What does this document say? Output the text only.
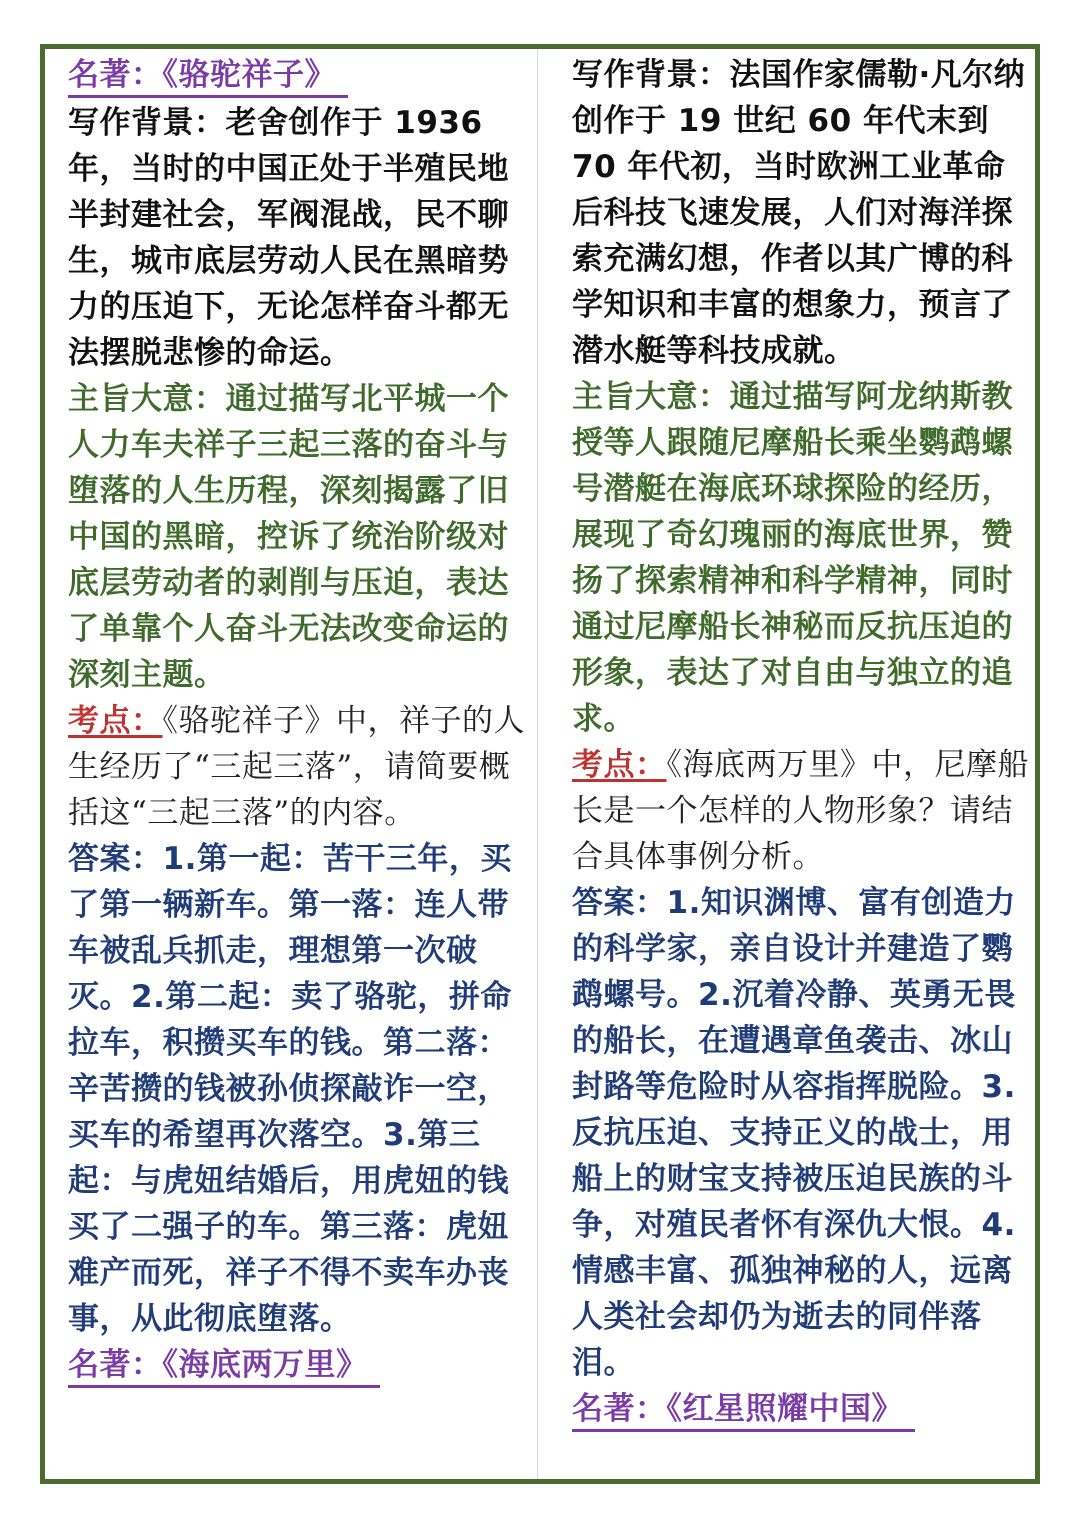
名著：《骆驼祥子》

写作背景：老舍创作于 1936 年，当时的中国正处于半殖民地半封建社会，军阀混战，民不聊生，城市底层劳动人民在黑暗势力的压迫下，无论怎样奋斗都无法摆脱悲惨的命运。

主旨大意：通过描写北平城一个人力车夫祥子三起三落的奋斗与堕落的人生历程，深刻揭露了旧中国的黑暗，控诉了统治阶级对底层劳动者的剥削与压迫，表达了单靠个人奋斗无法改变命运的深刻主题。

考点：《骆驼祥子》中，祥子的人生经历了“三起三落”，请简要概括这“三起三落”的内容。

答案：1.第一起：苦干三年，买了第一辆新车。第一落：连人带车被乱兵抓走，理想第一次破灭。2.第二起：卖了骆驼，拼命拉车，积攒买车的钱。第二落：辛苦攒的钱被孙侦探敲诈一空，买车的希望再次落空。3.第三起：与虎妞结婚后，用虎妞的钱买了二强子的车。第三落：虎妞难产而死，祥子不得不卖车办丧事，从此彻底堕落。

名著：《海底两万里》

写作背景：法国作家儒勒·凡尔纳创作于 19 世纪 60 年代末到 70 年代初，当时欧洲工业革命后科技飞速发展，人们对海洋探索充满幻想，作者以其广博的科学知识和丰富的想象力，预言了潜水艇等科技成就。

主旨大意：通过描写阿龙纳斯教授等人跟随尼摩船长乘坐鹦鹉螺号潜艇在海底环球探险的经历，展现了奇幻瑰丽的海底世界，赞扬了探索精神和科学精神，同时通过尼摩船长神秘而反抗压迫的形象，表达了对自由与独立的追求。

考点：《海底两万里》中，尼摩船长是一个怎样的人物形象？请结合具体事例分析。

答案：1.知识渊博、富有创造力的科学家，亲自设计并建造了鹦鹉螺号。2.沉着冷静、英勇无畏的船长，在遭遇章鱼袭击、冰山封路等危险时从容指挥脱险。3.反抗压迫、支持正义的战士，用船上的财宝支持被压迫民族的斗争，对殖民者怀有深仇大恨。4.情感丰富、孤独神秘的人，远离人类社会却仍为逝去的同伴落泪。

名著：《红星照耀中国》
